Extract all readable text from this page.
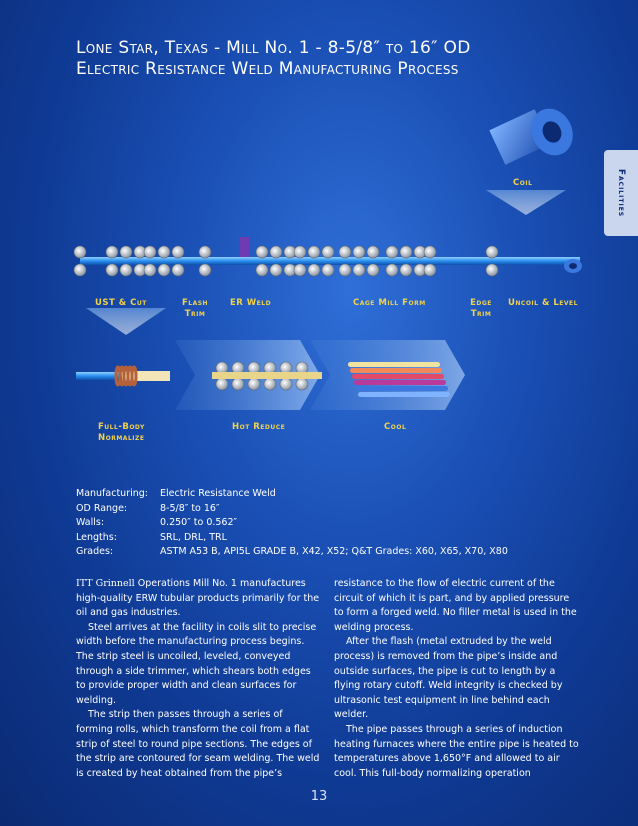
Lone Star, Texas - Mill No. 1 - 8-5/8″ to 16″ OD
Electric Resistance Weld Manufacturing Process
Facilities
Coil
UST & Cut	Flash Trim
ER Weld	Cage Mill Form	Edge Trim
Uncoil & Level
Full-Body Normalize
Hot Reduce	Cool
Manufacturing:	Electric Resistance Weld
OD Range:	8-5/8″ to 16″
Walls:	0.250″ to 0.562″
Lengths:	SRL, DRL, TRL
Grades:	ASTM A53 B, API5L GRADE B, X42, X52; Q&T Grades: X60, X65, X70, X80

ITT Grinnell Operations Mill No. 1 manufactures high-quality ERW tubular products primarily for the oil and gas industries.

Steel arrives at the facility in coils slit to precise width before the manufacturing process begins. The strip steel is uncoiled, leveled, conveyed through a side trimmer, which shears both edges to provide proper width and clean surfaces for welding.

The strip then passes through a series of forming rolls, which transform the coil from a flat strip of steel to round pipe sections. The edges of the strip are contoured for seam welding. The weld is created by heat obtained from the pipe’s

resistance to the flow of electric current of the circuit of which it is part, and by applied pressure to form a forged weld. No filler metal is used in the welding process.

After the flash (metal extruded by the weld process) is removed from the pipe’s inside and outside surfaces, the pipe is cut to length by a flying rotary cutoff. Weld integrity is checked by ultrasonic test equipment in line behind each welder.

The pipe passes through a series of induction heating furnaces where the entire pipe is heated to temperatures above 1,650°F and allowed to air cool. This full-body normalizing operation

13
